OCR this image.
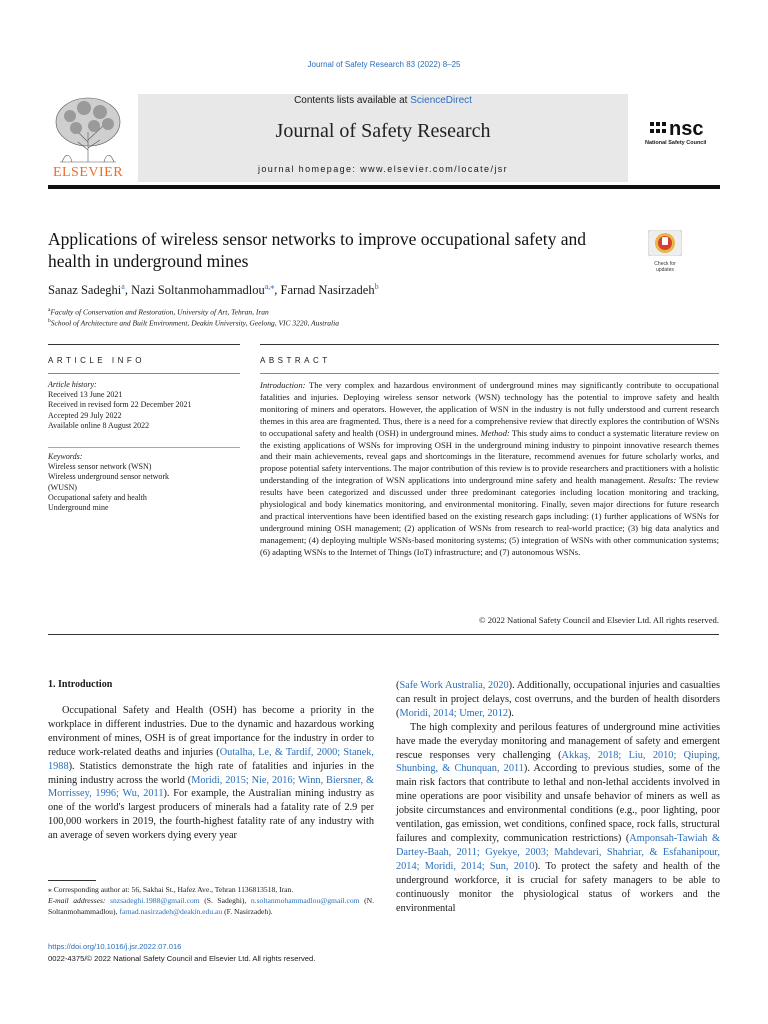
Journal of Safety Research 83 (2022) 8–25
ELSEVIER
Contents lists available at ScienceDirect
Journal of Safety Research
journal homepage: www.elsevier.com/locate/jsr
nsc
National Safety Council
Applications of wireless sensor networks to improve occupational safety and health in underground mines	Check for updates
Sanaz Sadeghi$^a$, Nazi Soltanmohammadlou$^{a,⁎}$, Farnad Nasirzadeh$^b$
$^a$Faculty of Conservation and Restoration, University of Art, Tehran, Iran
$^b$School of Architecture and Built Environment, Deakin University, Geelong, VIC 3220, Australia
ARTICLE INFO	ABSTRACT
Article history:
Received 13 June 2021
Received in revised form 22 December 2021
Accepted 29 July 2022
Available online 8 August 2022
Keywords:
Wireless sensor network (WSN)
Wireless underground sensor network
(WUSN)
Occupational safety and health
Underground mine
Introduction: The very complex and hazardous environment of underground mines may significantly contribute to occupational fatalities and injuries. Deploying wireless sensor network (WSN) technology has the potential to improve safety and health monitoring of miners and operators. However, the application of WSN in the industry is not fully understood and current research themes in this area are fragmented. Thus, there is a need for a comprehensive review that directly explores the contribution of WSNs to occupational safety and health (OSH) in underground mines. Method: This study aims to conduct a systematic literature review on the existing applications of WSNs for improving OSH in the underground mining industry to pinpoint innovative research themes and their main achievements, reveal gaps and shortcomings in the literature, recommend avenues for future scholarly works, and propose potential safety interventions. The major contribution of this review is to provide researchers and practitioners with a holistic understanding of the integration of WSN applications into underground mine safety and health management. Results: The review results have been categorized and discussed under three predominant categories including location monitoring and tracking, physiological and body kinematics monitoring, and environmental monitoring. Finally, seven major directions for future research and practical interventions have been identified based on the existing research gaps including: (1) further applications of WSNs for underground mining OSH management; (2) application of WSNs from research to real-world practice; (3) big data analytics and management; (4) deploying multiple WSNs-based monitoring systems; (5) integration of WSNs with other communication systems; (6) adapting WSNs to the Internet of Things (IoT) infrastructure; and (7) autonomous WSNs.
© 2022 National Safety Council and Elsevier Ltd. All rights reserved.
1. Introduction
Occupational Safety and Health (OSH) has become a priority in the workplace in different industries. Due to the dynamic and hazardous working environment of mines, OSH is of great importance for the industry in order to reduce work-related deaths and injuries (Outalha, Le, & Tardif, 2000; Stanek, 1988). Statistics demonstrate the high rate of fatalities and injuries in the mining industry across the world (Moridi, 2015; Nie, 2016; Winn, Biersner, & Morrissey, 1996; Wu, 2011). For example, the Australian mining industry as one of the world's largest producers of minerals had a fatality rate of 2.9 per 100,000 workers in 2019, the fourth-highest fatality rate of any industry with an average of seven workers dying every year

(Safe Work Australia, 2020). Additionally, occupational injuries and casualties can result in project delays, cost overruns, and the burden of health disorders (Moridi, 2014; Umer, 2012).

The high complexity and perilous features of underground mine activities have made the everyday monitoring and management of safety and emergent rescue responses very challenging (Akkaş, 2018; Liu, 2010; Qiuping, Shunbing, & Chunquan, 2011). According to previous studies, some of the main risk factors that contribute to lethal and non-lethal accidents involved in mine operations are poor visibility and unsafe behavior of miners as well as jobsite circumstances and environmental conditions (e.g., poor lighting, poor ventilation, gas emission, wet conditions, confined space, rock falls, structural failures and complexity, communication restrictions) (Amponsah-Tawiah & Dartey-Baah, 2011; Gyekye, 2003; Mahdevari, Shahriar, & Esfahanipour, 2014; Moridi, 2014; Sun, 2010). To protect the safety and health of the underground workforce, it is crucial for safety managers to be able to continuously monitor the physiological status of workers and the environmental

⁎ Corresponding author at: 56, Sakhai St., Hafez Ave., Tehran 1136813518, Iran.
E-mail addresses: snzsadeghi.1988@gmail.com (S. Sadeghi), n.soltanmohammadlou@gmail.com (N. Soltanmohammadlou), farnad.nasirzadeh@deakin.edu.au (F. Nasirzadeh).
https://doi.org/10.1016/j.jsr.2022.07.016
0022-4375/© 2022 National Safety Council and Elsevier Ltd. All rights reserved.
